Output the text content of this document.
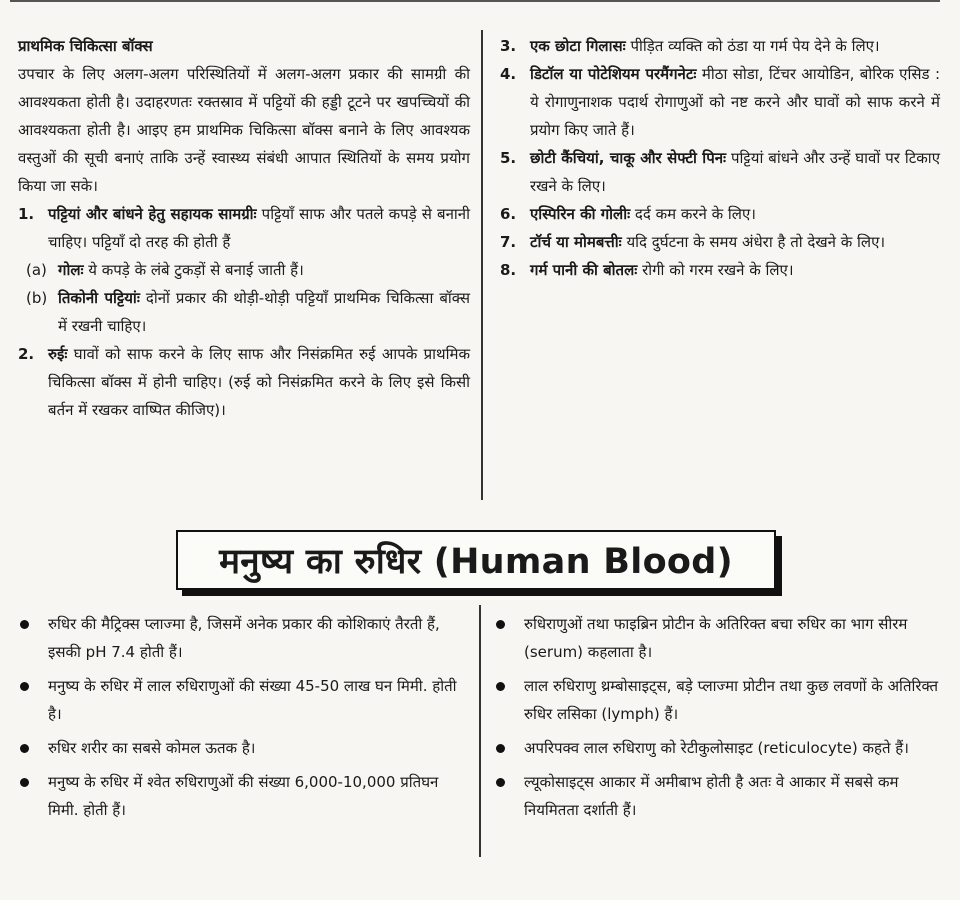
प्राथमिक चिकित्सा बॉक्स

उपचार के लिए अलग-अलग परिस्थितियों में अलग-अलग प्रकार की सामग्री की आवश्यकता होती है। उदाहरणतः रक्तस्राव में पट्टियों की हड्डी टूटने पर खपच्चियों की आवश्यकता होती है। आइए हम प्राथमिक चिकित्सा बॉक्स बनाने के लिए आवश्यक वस्तुओं की सूची बनाएं ताकि उन्हें स्वास्थ्य संबंधी आपात स्थितियों के समय प्रयोग किया जा सके।

1. पट्टियां और बांधने हेतु सहायक सामग्रीः पट्टियाँ साफ और पतले कपड़े से बनानी चाहिए। पट्टियाँ दो तरह की होती हैं

(a) गोलः ये कपड़े के लंबे टुकड़ों से बनाई जाती हैं।

(b) तिकोनी पट्टियांः दोनों प्रकार की थोड़ी-थोड़ी पट्टियाँ प्राथमिक चिकित्सा बॉक्स में रखनी चाहिए।

2. रुईः घावों को साफ करने के लिए साफ और निसंक्रमित रुई आपके प्राथमिक चिकित्सा बॉक्स में होनी चाहिए। (रुई को निसंक्रमित करने के लिए इसे किसी बर्तन में रखकर वाष्पित कीजिए)।

3. एक छोटा गिलासः पीड़ित व्यक्ति को ठंडा या गर्म पेय देने के लिए।

4. डिटॉल या पोटेशियम परमैंगनेटः मीठा सोडा, टिंचर आयोडिन, बोरिक एसिड : ये रोगाणुनाशक पदार्थ रोगाणुओं को नष्ट करने और घावों को साफ करने में प्रयोग किए जाते हैं।

5. छोटी कैंचियां, चाकू और सेफ्टी पिनः पट्टियां बांधने और उन्हें घावों पर टिकाए रखने के लिए।

6. एस्पिरिन की गोलीः दर्द कम करने के लिए।

7. टॉर्च या मोमबत्तीः यदि दुर्घटना के समय अंधेरा है तो देखने के लिए।

8. गर्म पानी की बोतलः रोगी को गरम रखने के लिए।

मनुष्य का रुधिर (Human Blood)
रुधिर की मैट्रिक्स प्लाज्मा है, जिसमें अनेक प्रकार की कोशिकाएं तैरती हैं, इसकी pH 7.4 होती हैं।
मनुष्य के रुधिर में लाल रुधिराणुओं की संख्या 45-50 लाख घन मिमी. होती है।
रुधिर शरीर का सबसे कोमल ऊतक है।
मनुष्य के रुधिर में श्वेत रुधिराणुओं की संख्या 6,000-10,000 प्रतिघन मिमी. होती हैं।
रुधिराणुओं तथा फाइब्रिन प्रोटीन के अतिरिक्त बचा रुधिर का भाग सीरम (serum) कहलाता है।
लाल रुधिराणु थ्रम्बोसाइट्स, बड़े प्लाज्मा प्रोटीन तथा कुछ लवणों के अतिरिक्त रुधिर लसिका (lymph) हैं।
अपरिपक्व लाल रुधिराणु को रेटीकुलोसाइट (reticulocyte) कहते हैं।
ल्यूकोसाइट्स आकार में अमीबाभ होती है अतः वे आकार में सबसे कम नियमितता दर्शाती हैं।
